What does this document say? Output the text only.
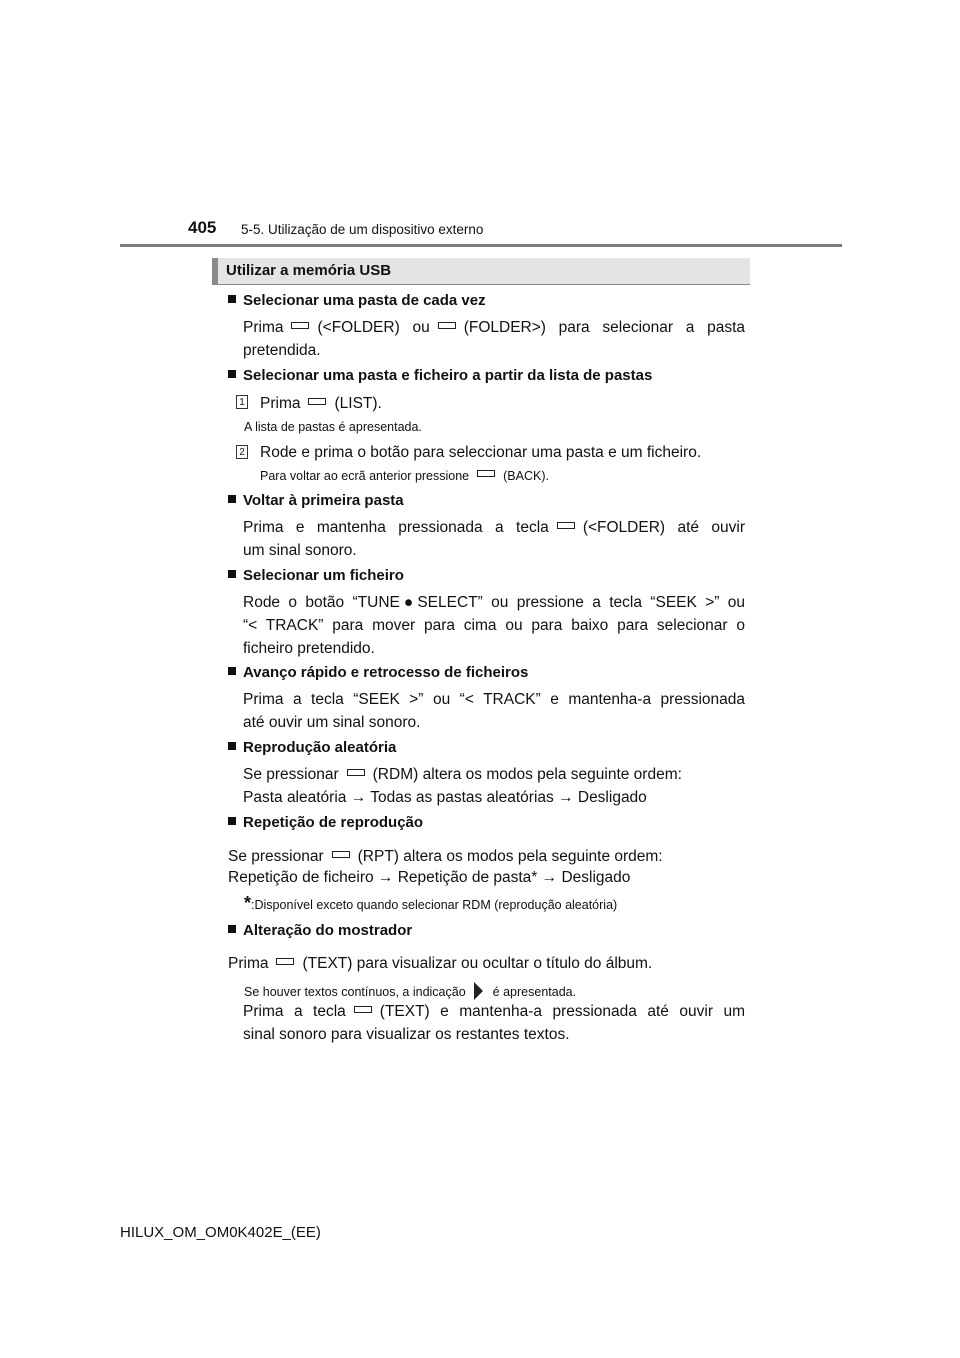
405 5-5. Utilização de um dispositivo externo
Utilizar a memória USB
Selecionar uma pasta de cada vez
Prima (<FOLDER) ou (FOLDER>) para selecionar a pasta
pretendida.
Selecionar uma pasta e ficheiro a partir da lista de pastas
1 Prima (LIST).
A lista de pastas é apresentada.
2 Rode e prima o botão para seleccionar uma pasta e um ficheiro.
Para voltar ao ecrã anterior pressione	(BACK).
Voltar à primeira pasta
Prima e mantenha pressionada a tecla (<FOLDER) até ouvir
um sinal sonoro.
Selecionar um ficheiro
Rode o botão “TUNE●SELECT” ou pressione a tecla “SEEK >” ou
“< TRACK” para mover para cima ou para baixo para selecionar o
ficheiro pretendido.
Avanço rápido e retrocesso de ficheiros
Prima a tecla “SEEK >” ou “< TRACK” e mantenha-a pressionada
até ouvir um sinal sonoro.
Reprodução aleatória
Se pressionar (RDM) altera os modos pela seguinte ordem:
Pasta aleatória → Todas as pastas aleatórias → Desligado
Repetição de reprodução
Se pressionar (RPT) altera os modos pela seguinte ordem:
Repetição de ficheiro → Repetição de pasta* → Desligado
*:Disponível exceto quando selecionar RDM (reprodução aleatória)
Alteração do mostrador
Prima (TEXT) para visualizar ou ocultar o título do álbum.
Se houver textos contínuos, a indicação é apresentada.
Prima a tecla (TEXT) e mantenha-a pressionada até ouvir um
sinal sonoro para visualizar os restantes textos.
HILUX_OM_OM0K402E_(EE)
